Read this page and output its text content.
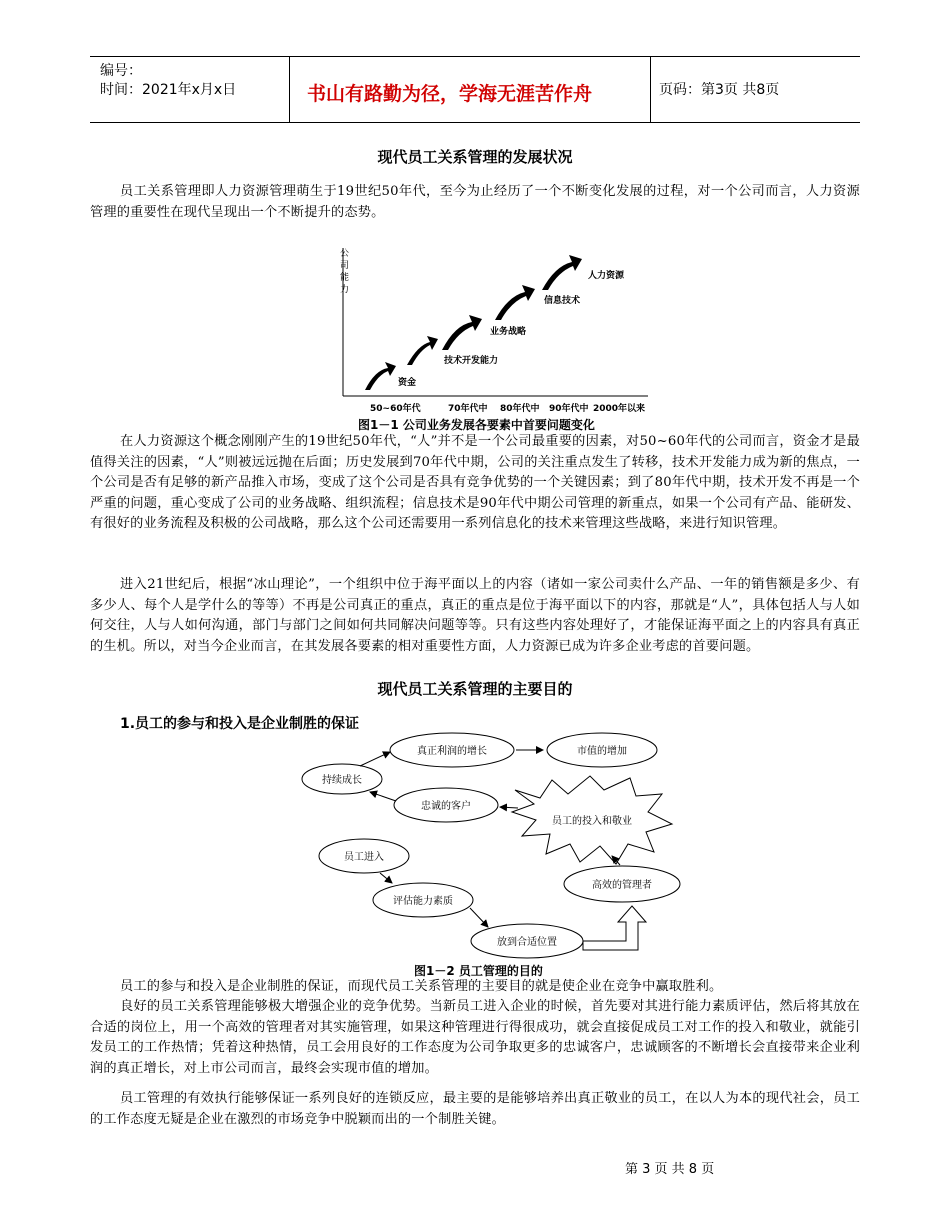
编号：
时间：2021年x月x日	书山有路勤为径，学海无涯苦作舟	页码：第3页 共8页
现代员工关系管理的发展状况

员工关系管理即人力资源管理萌生于19世纪50年代，至今为止经历了一个不断变化发展的过程，对一个公司而言，人力资源管理的重要性在现代呈现出一个不断提升的态势。

资金
技术开发能力
业务战略
信息技术
人力资源
50~60年代	70年代中 80年代中 90年代中 2000年以来
公司能力
图1－1 公司业务发展各要素中首要问题变化

在人力资源这个概念刚刚产生的19世纪50年代，“人”并不是一个公司最重要的因素，对50~60年代的公司而言，资金才是最值得关注的因素，“人”则被远远抛在后面；历史发展到70年代中期，公司的关注重点发生了转移，技术开发能力成为新的焦点，一个公司是否有足够的新产品推入市场，变成了这个公司是否具有竞争优势的一个关键因素；到了80年代中期，技术开发不再是一个严重的问题，重心变成了公司的业务战略、组织流程；信息技术是90年代中期公司管理的新重点，如果一个公司有产品、能研发、有很好的业务流程及积极的公司战略，那么这个公司还需要用一系列信息化的技术来管理这些战略，来进行知识管理。

进入21世纪后，根据“冰山理论”，一个组织中位于海平面以上的内容（诸如一家公司卖什么产品、一年的销售额是多少、有多少人、每个人是学什么的等等）不再是公司真正的重点，真正的重点是位于海平面以下的内容，那就是“人”，具体包括人与人如何交往，人与人如何沟通，部门与部门之间如何共同解决问题等等。只有这些内容处理好了，才能保证海平面之上的内容具有真正的生机。所以，对当今企业而言，在其发展各要素的相对重要性方面，人力资源已成为许多企业考虑的首要问题。

现代员工关系管理的主要目的
1.员工的参与和投入是企业制胜的保证
真正利润的增长	市值的增加
持续成长
忠诚的客户
员工的投入和敬业
员工进入
评估能力素质
放到合适位置
高效的管理者
图1－2 员工管理的目的

员工的参与和投入是企业制胜的保证，而现代员工关系管理的主要目的就是使企业在竞争中赢取胜利。

良好的员工关系管理能够极大增强企业的竞争优势。当新员工进入企业的时候，首先要对其进行能力素质评估，然后将其放在合适的岗位上，用一个高效的管理者对其实施管理，如果这种管理进行得很成功，就会直接促成员工对工作的投入和敬业，就能引发员工的工作热情；凭着这种热情，员工会用良好的工作态度为公司争取更多的忠诚客户，忠诚顾客的不断增长会直接带来企业利润的真正增长，对上市公司而言，最终会实现市值的增加。

员工管理的有效执行能够保证一系列良好的连锁反应，最主要的是能够培养出真正敬业的员工，在以人为本的现代社会，员工的工作态度无疑是企业在激烈的市场竞争中脱颖而出的一个制胜关键。

第 3 页 共 8 页
